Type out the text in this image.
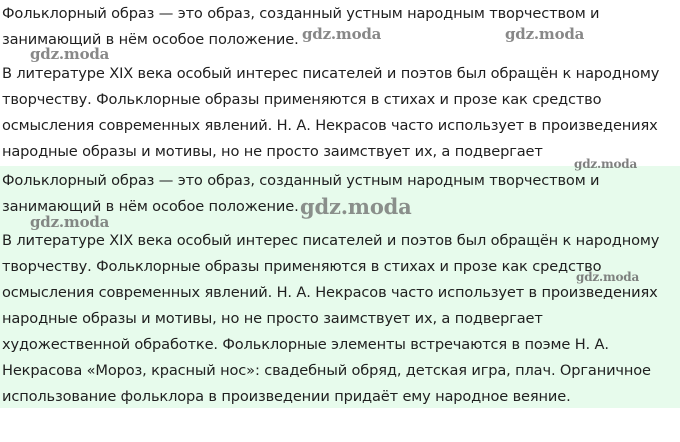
Фольклорный образ — это образ, созданный устным народным творчеством и занимающий в нём особое положение.

В литературе XIX века особый интерес писателей и поэтов был обращён к народному творчеству. Фольклорные образы применяются в стихах и прозе как средство осмысления современных явлений. Н. А. Некрасов часто использует в произведениях народные образы и мотивы, но не просто заимствует их, а подвергает

Фольклорный образ — это образ, созданный устным народным творчеством и занимающий в нём особое положение.

В литературе XIX века особый интерес писателей и поэтов был обращён к народному творчеству. Фольклорные образы применяются в стихах и прозе как средство осмысления современных явлений. Н. А. Некрасов часто использует в произведениях народные образы и мотивы, но не просто заимствует их, а подвергает художественной обработке. Фольклорные элементы встречаются в поэме Н. А. Некрасова «Мороз, красный нос»: свадебный обряд, детская игра, плач. Органичное использование фольклора в произведении придаёт ему народное веяние.

gdz.moda
gdz.moda	gdz.moda
gdz.moda
gdz.moda
gdz.moda
gdz.moda
